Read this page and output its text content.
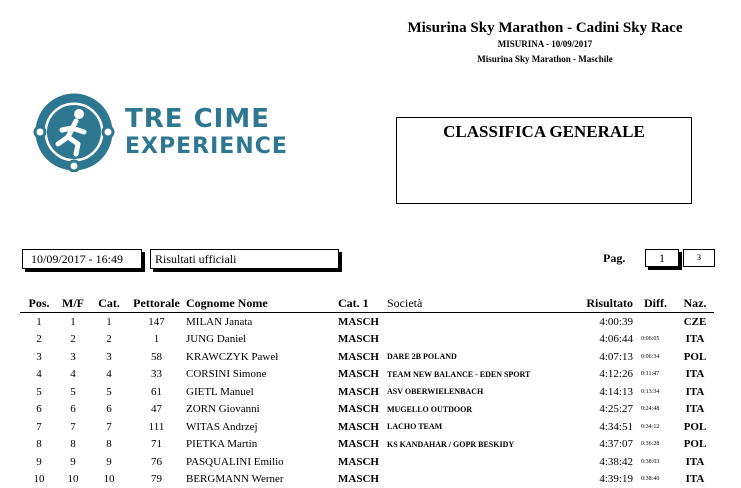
Misurina Sky Marathon - Cadini Sky Race
MISURINA - 10/09/2017
Misurina Sky Marathon - Maschile
TRE CIME
EXPERIENCE
CLASSIFICA GENERALE
10/09/2017 - 16:49	Risultati ufficiali	Pag.	1	3
Pos.	M/F	Cat.	Pettorale	Cognome Nome	Cat. 1	Società	Risultato	Diff.	Naz.
1	1	1	147	MILAN Janata	MASCH		4:00:39		CZE
2	2	2	1	JUNG Daniel	MASCH		4:06:44	0:06:05	ITA
3	3	3	58	KRAWCZYK Paweł	MASCH	DARE 2B POLAND	4:07:13	0:06:34	POL
4	4	4	33	CORSINI Simone	MASCH	TEAM NEW BALANCE - EDEN SPORT	4:12:26	0:11:47	ITA
5	5	5	61	GIETL Manuel	MASCH	ASV OBERWIELENBACH	4:14:13	0:13:34	ITA
6	6	6	47	ZORN Giovanni	MASCH	MUGELLO OUTDOOR	4:25:27	0:24:48	ITA
7	7	7	111	WITAS Andrzej	MASCH	LACHO TEAM	4:34:51	0:34:12	POL
8	8	8	71	PIETKA Martin	MASCH	KS KANDAHAR / GOPR BESKIDY	4:37:07	0:36:28	POL
9	9	9	76	PASQUALINI Emilio	MASCH		4:38:42	0:38:03	ITA
10	10	10	79	BERGMANN Werner	MASCH		4:39:19	0:38:40	ITA
